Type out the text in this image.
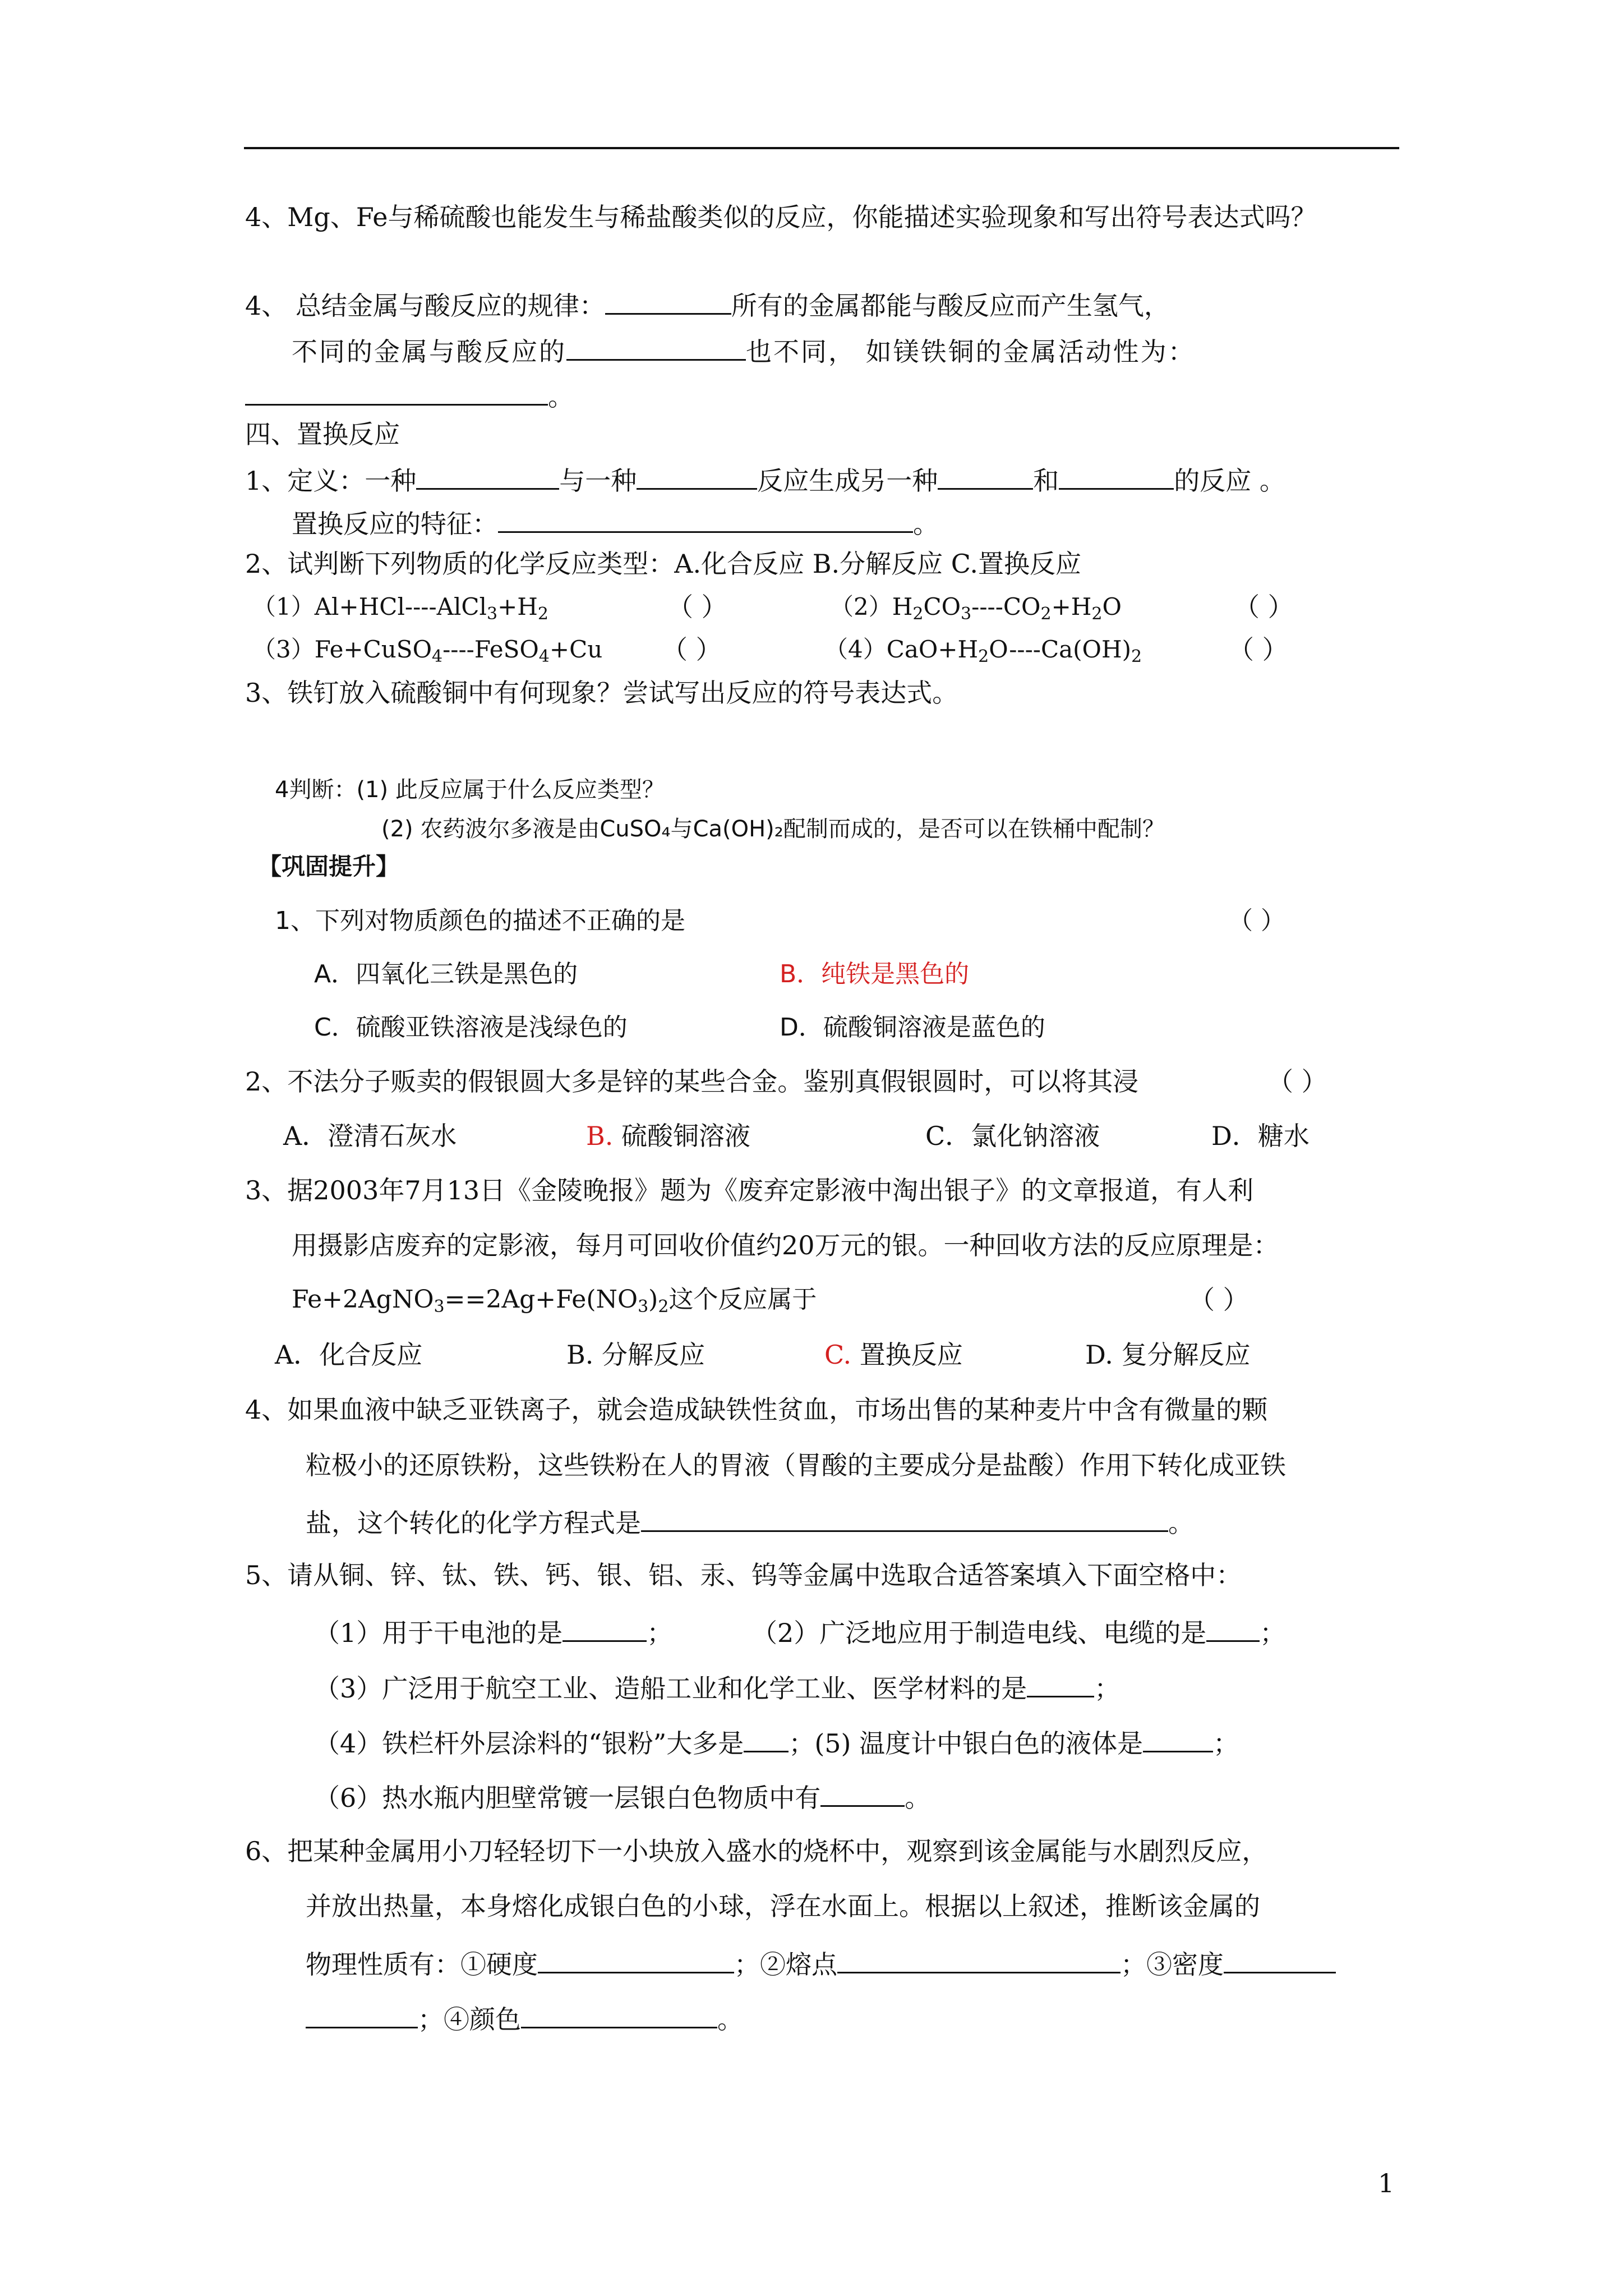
4、Mg、Fe与稀硫酸也能发生与稀盐酸类似的反应，你能描述实验现象和写出符号表达式吗？
4、 总结金属与酸反应的规律：	所有的金属都能与酸反应而产生氢气，
不同的金属与酸反应的	也不同， 如镁铁铜的金属活动性为：
。
四、置换反应
1、定义：一种	与一种	反应生成另一种	和	的反应 。
置换反应的特征：	。
2、试判断下列物质的化学反应类型：A.化合反应 B.分解反应 C.置换反应
$(1)Al+HCl----AlCl_3+H_2$	（ ）	$(2)H_2CO_3----CO_2+H_2O$	（ ）
（3）Fe+CuSO$_4$----FeSO$_4$+Cu （ ）	$(4)CaO+H_2O----Ca(OH)_2$	（ ）
3、铁钉放入硫酸铜中有何现象？尝试写出反应的符号表达式。
4判断：(1) 此反应属于什么反应类型？
(2) 农药波尔多液是由CuSO₄与Ca(OH)₂配制而成的，是否可以在铁桶中配制？
【巩固提升】
1、下列对物质颜色的描述不正确的是	（ ）
A．四氧化三铁是黑色的	B．纯铁是黑色的
C．硫酸亚铁溶液是浅绿色的	D．硫酸铜溶液是蓝色的
2、不法分子贩卖的假银圆大多是锌的某些合金。鉴别真假银圆时，可以将其浸	（ ）
A．澄清石灰水	B. 硫酸铜溶液	C．氯化钠溶液	D．糖水
3、据2003年7月13日《金陵晚报》题为《废弃定影液中淘出银子》的文章报道，有人利
用摄影店废弃的定影液，每月可回收价值约20万元的银。一种回收方法的反应原理是：
$Fe+2AgNO_3==2Ag+Fe(NO_3)_2$这个反应属于	（ ）
A．化合反应	B. 分解反应	C. 置换反应	D. 复分解反应
4、如果血液中缺乏亚铁离子，就会造成缺铁性贫血，市场出售的某种麦片中含有微量的颗
粒极小的还原铁粉，这些铁粉在人的胃液（胃酸的主要成分是盐酸）作用下转化成亚铁
盐，这个转化的化学方程式是	。
5、请从铜、锌、钛、铁、钙、银、铝、汞、钨等金属中选取合适答案填入下面空格中：
（1）用于干电池的是	；	（2）广泛地应用于制造电线、电缆的是 ；
（3）广泛用于航空工业、造船工业和化学工业、医学材料的是	；
（4）铁栏杆外层涂料的“银粉”大多是 ；(5) 温度计中银白色的液体是	；
（6）热水瓶内胆壁常镀一层银白色物质中有	。
6、把某种金属用小刀轻轻切下一小块放入盛水的烧杯中，观察到该金属能与水剧烈反应，
并放出热量，本身熔化成银白色的小球，浮在水面上。根据以上叙述，推断该金属的
物理性质有：①硬度	；②熔点	；③密度
；④颜色	。
1
